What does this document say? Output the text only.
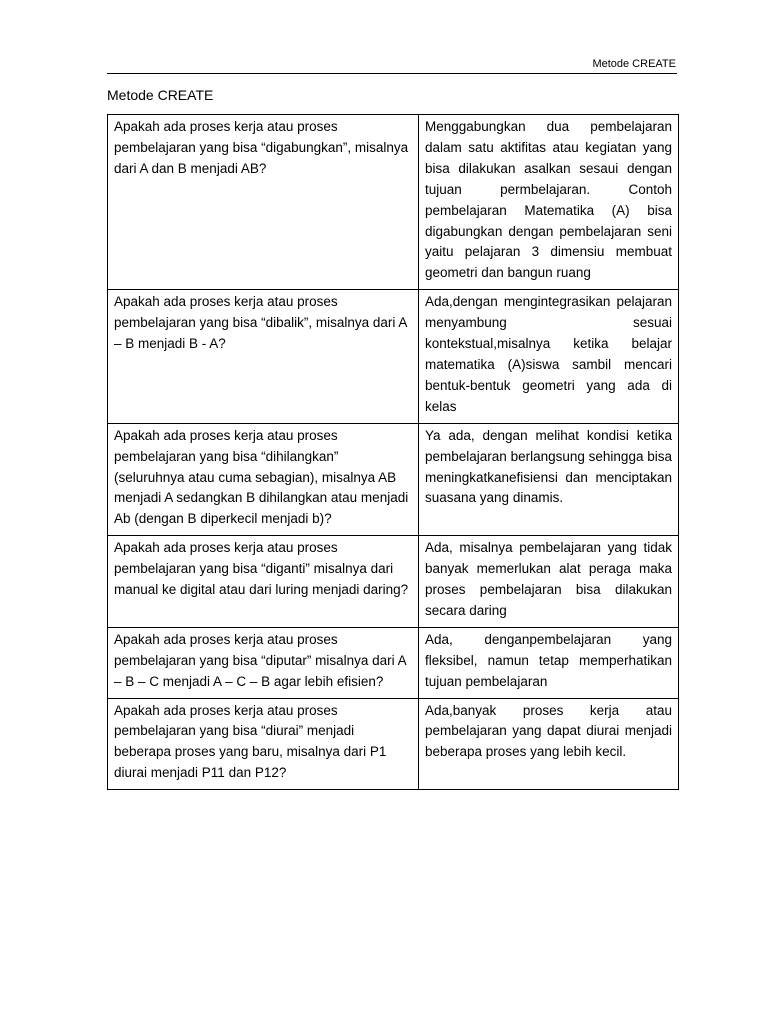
Metode CREATE
Metode CREATE
Apakah ada proses kerja atau proses pembelajaran yang bisa “digabungkan”, misalnya dari A dan B menjadi AB?	Menggabungkan dua pembelajaran dalam satu aktifitas atau kegiatan yang bisa dilakukan asalkan sesaui dengan tujuan permbelajaran. Contoh pembelajaran Matematika (A) bisa digabungkan dengan pembelajaran seni yaitu pelajaran 3 dimensiu membuat geometri dan bangun ruang
Apakah ada proses kerja atau proses pembelajaran yang bisa “dibalik”, misalnya dari A – B menjadi B - A?	Ada,dengan mengintegrasikan pelajaran menyambung sesuai kontekstual,misalnya ketika belajar matematika (A)siswa sambil mencari bentuk-bentuk geometri yang ada di kelas
Apakah ada proses kerja atau proses pembelajaran yang bisa “dihilangkan” (seluruhnya atau cuma sebagian), misalnya AB menjadi A sedangkan B dihilangkan atau menjadi Ab (dengan B diperkecil menjadi b)?	Ya ada, dengan melihat kondisi ketika pembelajaran berlangsung sehingga bisa meningkatkanefisiensi dan menciptakan suasana yang dinamis.
Apakah ada proses kerja atau proses pembelajaran yang bisa “diganti” misalnya dari manual ke digital atau dari luring menjadi daring?	Ada, misalnya pembelajaran yang tidak banyak memerlukan alat peraga maka proses pembelajaran bisa dilakukan secara daring
Apakah ada proses kerja atau proses pembelajaran yang bisa “diputar” misalnya dari A – B – C menjadi A – C – B agar lebih efisien?	Ada, denganpembelajaran yang fleksibel, namun tetap memperhatikan tujuan pembelajaran
Apakah ada proses kerja atau proses pembelajaran yang bisa “diurai” menjadi beberapa proses yang baru, misalnya dari P1 diurai menjadi P11 dan P12?	Ada,banyak proses kerja atau pembelajaran yang dapat diurai menjadi beberapa proses yang lebih kecil.
